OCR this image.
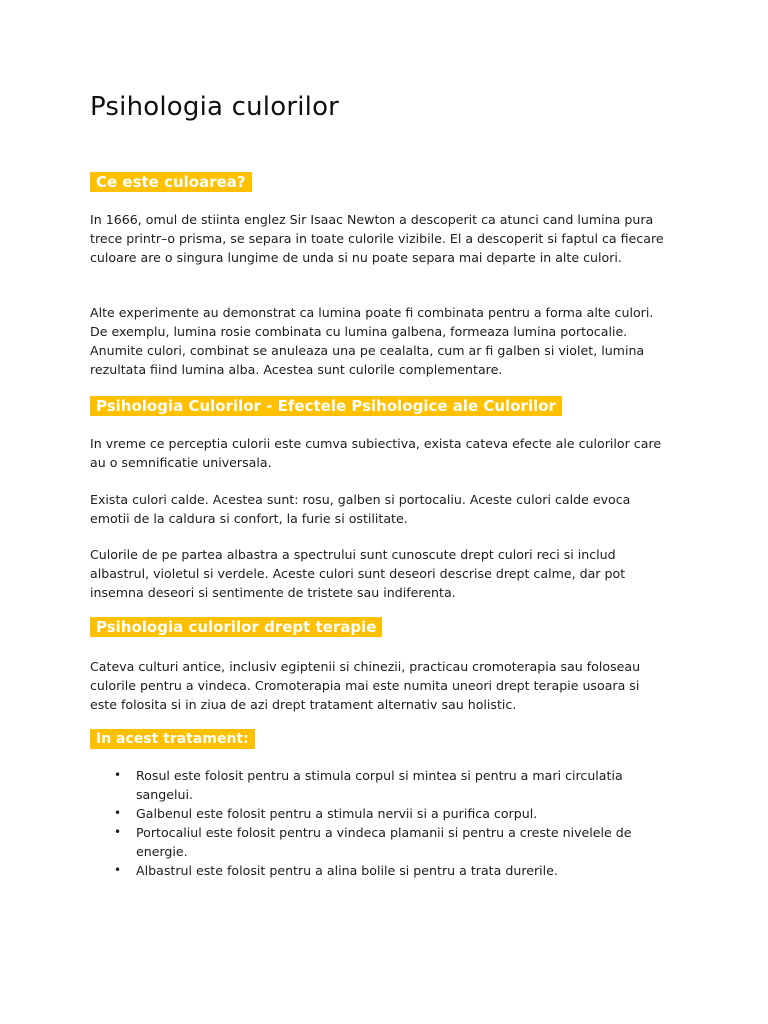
Psihologia culorilor
Ce este culoarea?

In 1666, omul de stiinta englez Sir Isaac Newton a descoperit ca atunci cand lumina pura trece printr–o prisma, se separa in toate culorile vizibile. El a descoperit si faptul ca fiecare culoare are o singura lungime de unda si nu poate separa mai departe in alte culori.

Alte experimente au demonstrat ca lumina poate fi combinata pentru a forma alte culori. De exemplu, lumina rosie combinata cu lumina galbena, formeaza lumina portocalie. Anumite culori, combinat se anuleaza una pe cealalta, cum ar fi galben si violet, lumina rezultata fiind lumina alba. Acestea sunt culorile complementare.

Psihologia Culorilor - Efectele Psihologice ale Culorilor

In vreme ce perceptia culorii este cumva subiectiva, exista cateva efecte ale culorilor care au o semnificatie universala.

Exista culori calde. Acestea sunt: rosu, galben si portocaliu. Aceste culori calde evoca emotii de la caldura si confort, la furie si ostilitate.

Culorile de pe partea albastra a spectrului sunt cunoscute drept culori reci si includ albastrul, violetul si verdele. Aceste culori sunt deseori descrise drept calme, dar pot insemna deseori si sentimente de tristete sau indiferenta.

Psihologia culorilor drept terapie

Cateva culturi antice, inclusiv egiptenii si chinezii, practicau cromoterapia sau foloseau culorile pentru a vindeca. Cromoterapia mai este numita uneori drept terapie usoara si este folosita si in ziua de azi drept tratament alternativ sau holistic.

In acest tratament:
• Rosul este folosit pentru a stimula corpul si mintea si pentru a mari circulatia sangelui.
• Galbenul este folosit pentru a stimula nervii si a purifica corpul.
• Portocaliul este folosit pentru a vindeca plamanii si pentru a creste nivelele de energie.
• Albastrul este folosit pentru a alina bolile si pentru a trata durerile.
